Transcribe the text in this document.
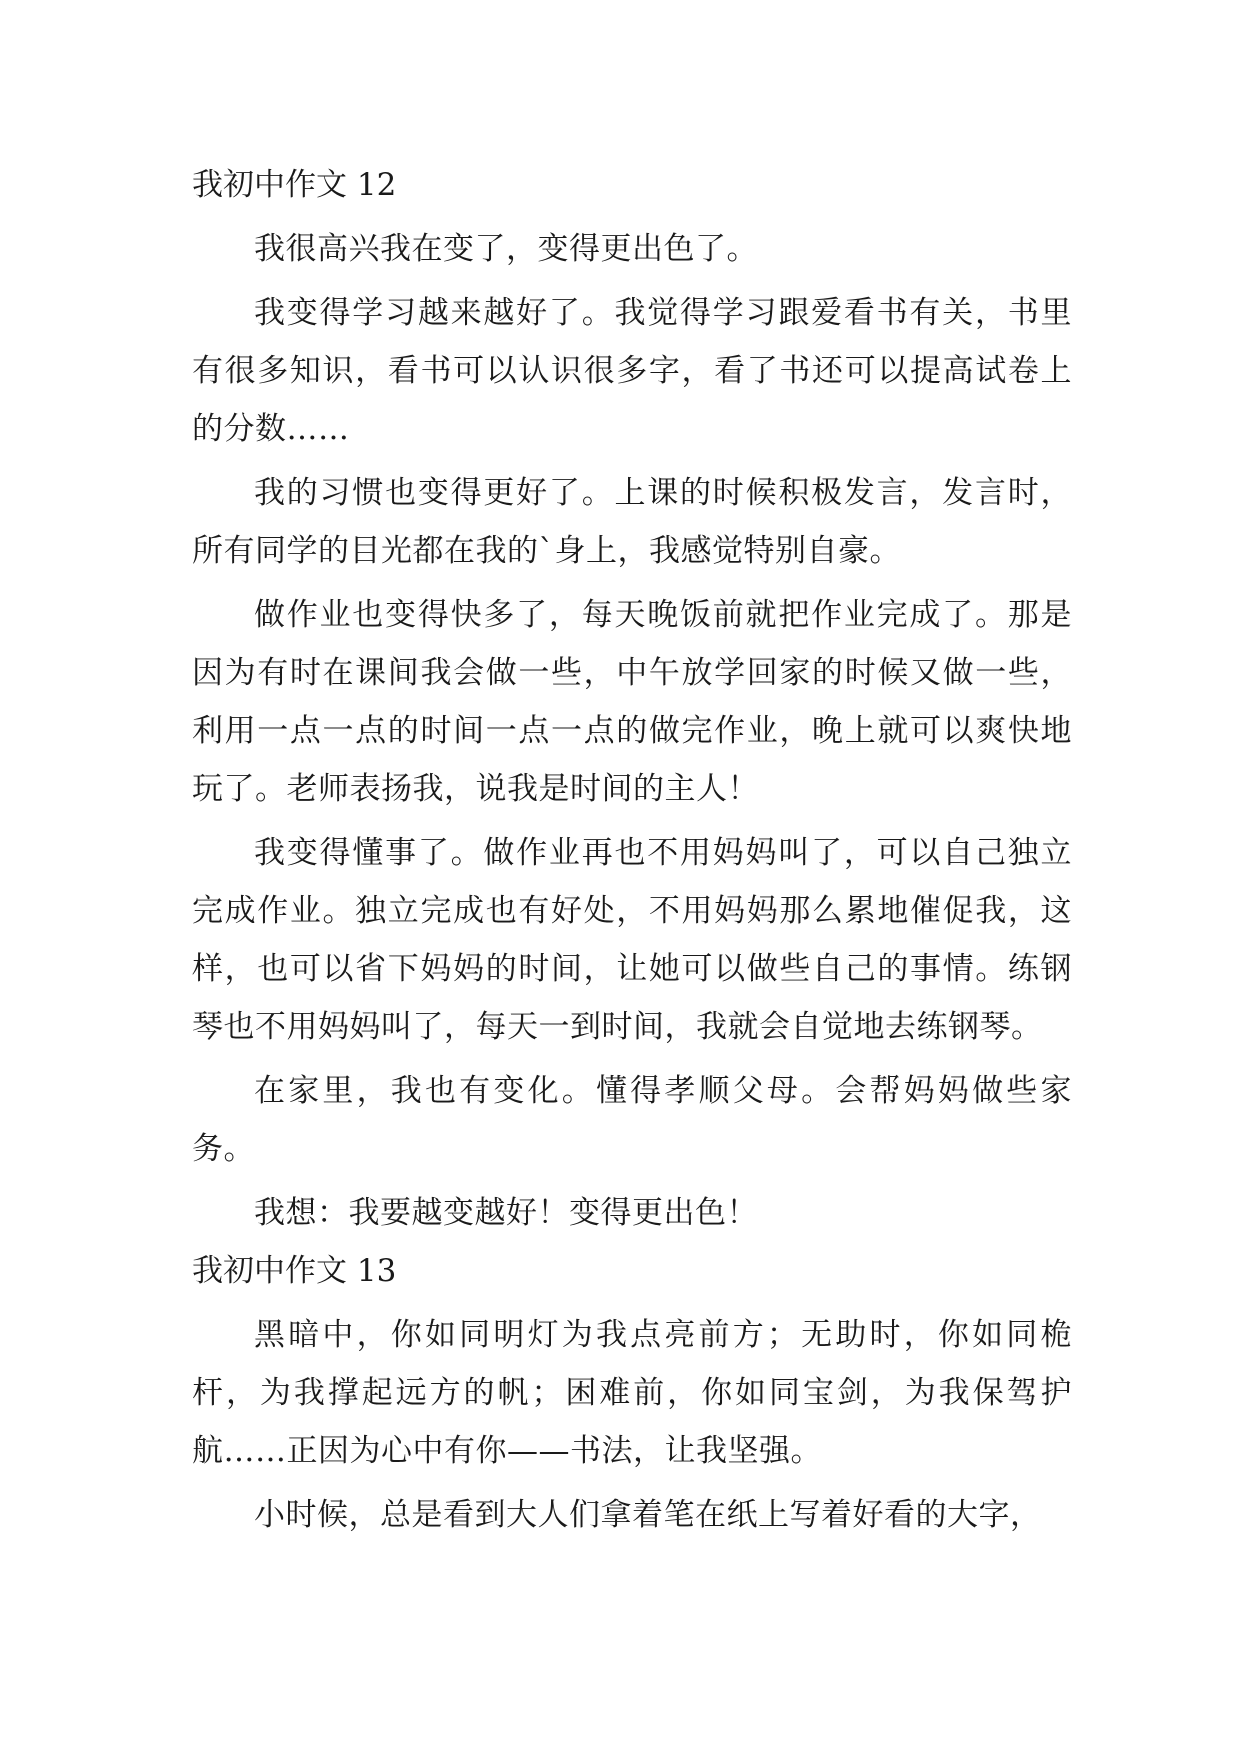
我初中作文 12

我很高兴我在变了，变得更出色了。

我变得学习越来越好了。我觉得学习跟爱看书有关，书里有很多知识，看书可以认识很多字，看了书还可以提高试卷上的分数……

我的习惯也变得更好了。上课的时候积极发言，发言时，所有同学的目光都在我的`身上，我感觉特别自豪。

做作业也变得快多了，每天晚饭前就把作业完成了。那是因为有时在课间我会做一些，中午放学回家的时候又做一些，利用一点一点的时间一点一点的做完作业，晚上就可以爽快地玩了。老师表扬我，说我是时间的主人！

我变得懂事了。做作业再也不用妈妈叫了，可以自己独立完成作业。独立完成也有好处，不用妈妈那么累地催促我，这样，也可以省下妈妈的时间，让她可以做些自己的事情。练钢琴也不用妈妈叫了，每天一到时间，我就会自觉地去练钢琴。

在家里，我也有变化。懂得孝顺父母。会帮妈妈做些家务。

我想：我要越变越好！变得更出色！

我初中作文 13

黑暗中，你如同明灯为我点亮前方；无助时，你如同桅杆，为我撑起远方的帆；困难前，你如同宝剑，为我保驾护航……正因为心中有你——书法，让我坚强。

小时候，总是看到大人们拿着笔在纸上写着好看的大字，
